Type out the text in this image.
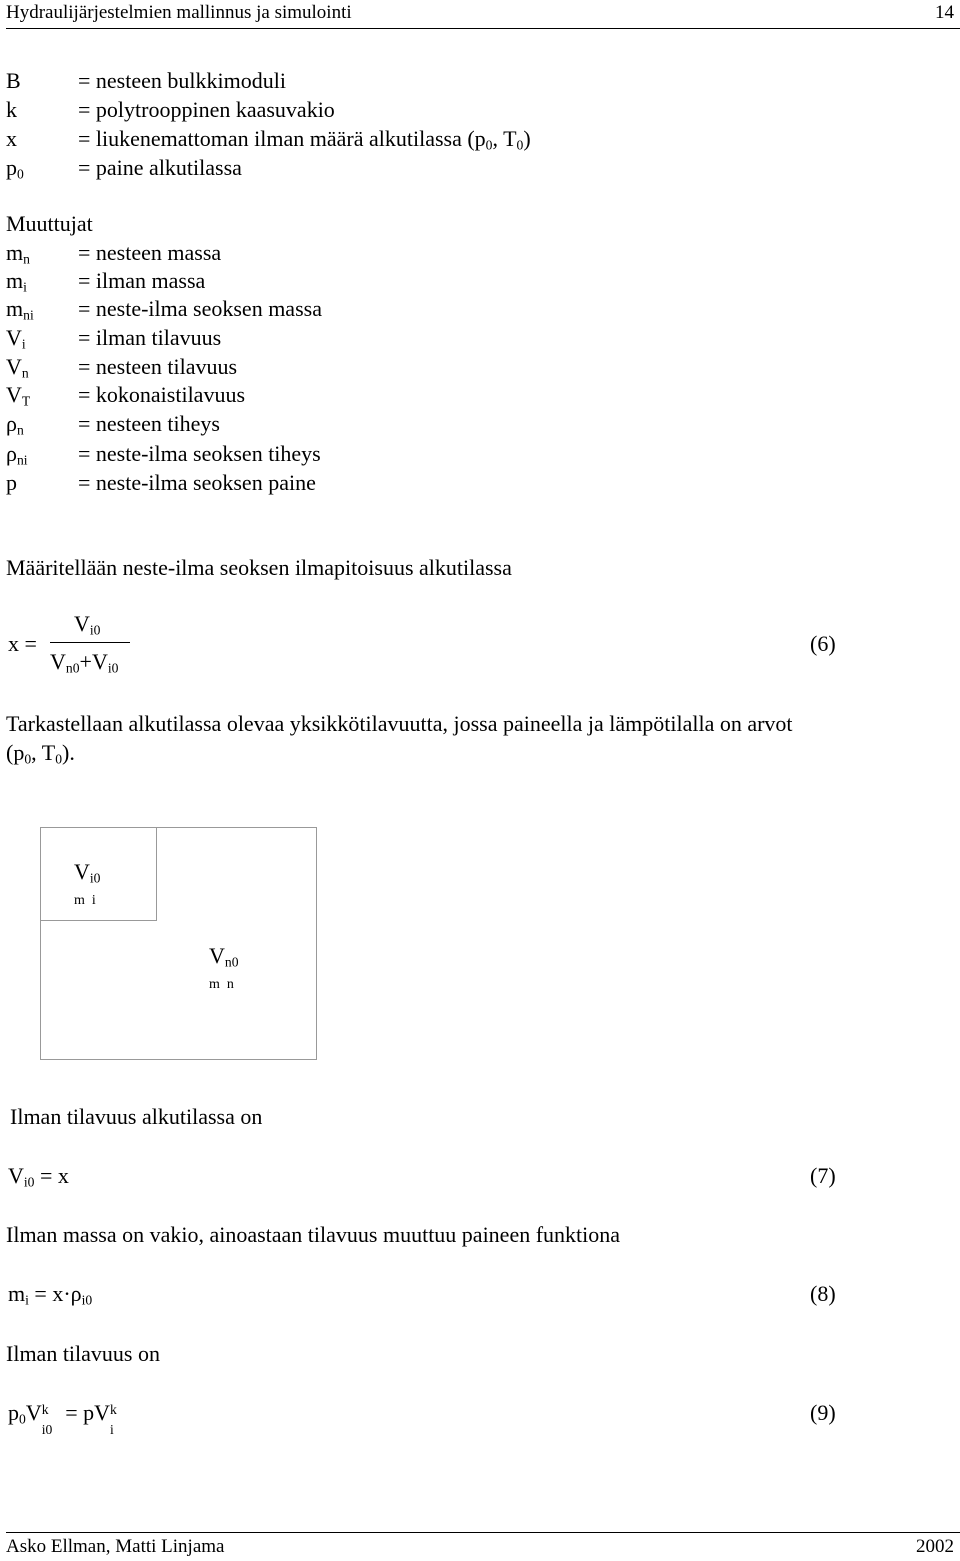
Hydraulijärjestelmien mallinnus ja simulointi	14
B	= nesteen bulkkimoduli
k	= polytrooppinen kaasuvakio
x	= liukenemattoman ilman määrä alkutilassa ($p_0$, $T_0$)
$p_0$ = paine alkutilassa
Muuttujat
$m_n$ = nesteen massa
$m_i$ = ilman massa
$m_{ni}$ = neste-ilma seoksen massa
$V_i$ = ilman tilavuus
$V_n$ = nesteen tilavuus
$V_T$ = kokonaistilavuus
$\rho_n$ = nesteen tiheys
$\rho_{ni}$ = neste-ilma seoksen tiheys
p	= neste-ilma seoksen paine
Määritellään neste-ilma seoksen ilmapitoisuus alkutilassa
x =
$V_{i0}$
$V_{n0}+V_{i0}$
(6)
Tarkastellaan alkutilassa olevaa yksikkötilavuutta, jossa paineella ja lämpötilalla on arvot
($p_0$, $T_0$).
$V_{i0}$
m i
$V_{n0}$
m n
Ilman tilavuus alkutilassa on
$V_{i0} = x$	(7)
Ilman massa on vakio, ainoastaan tilavuus muuttuu paineen funktiona
$m_i = x\cdot\rho_{i0}$	(8)
Ilman tilavuus on
$p_0V$ k
i0
= pV k
i
(9)
Asko Ellman, Matti Linjama	2002
